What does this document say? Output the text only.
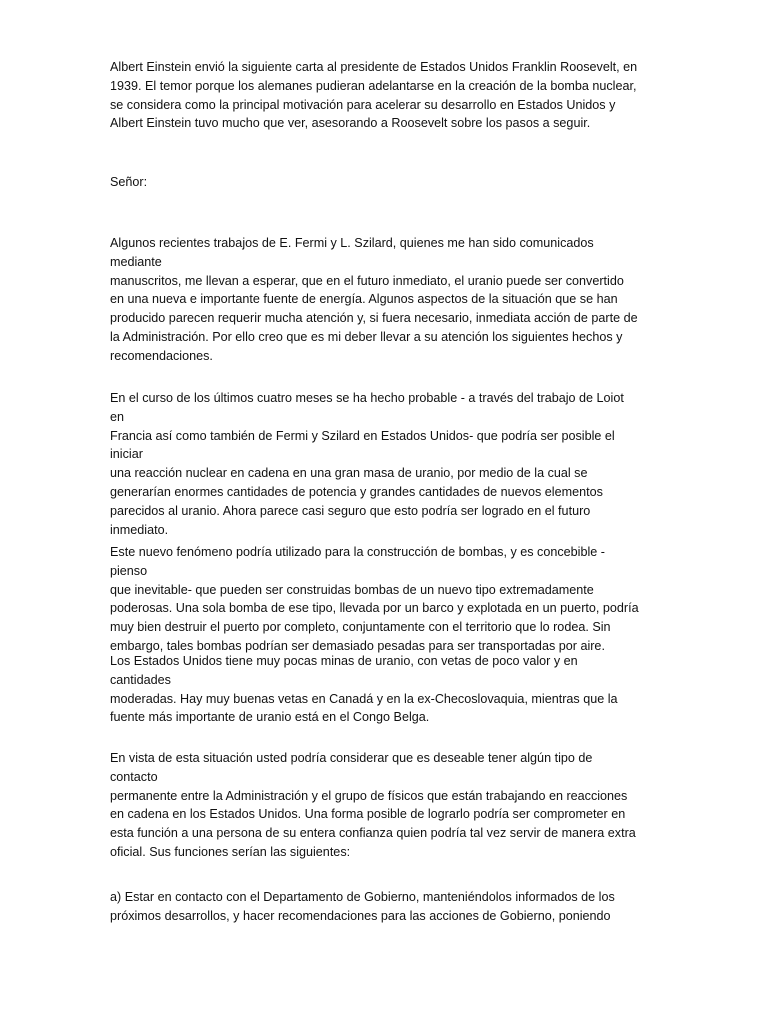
Albert Einstein envió la siguiente carta al presidente de Estados Unidos Franklin Roosevelt, en
1939. El temor porque los alemanes pudieran adelantarse en la creación de la bomba nuclear,
se considera como la principal motivación para acelerar su desarrollo en Estados Unidos y
Albert Einstein tuvo mucho que ver, asesorando a Roosevelt sobre los pasos a seguir.

Señor:

Algunos recientes trabajos de E. Fermi y L. Szilard, quienes me han sido comunicados mediante
manuscritos, me llevan a esperar, que en el futuro inmediato, el uranio puede ser convertido
en una nueva e importante fuente de energía. Algunos aspectos de la situación que se han
producido parecen requerir mucha atención y, si fuera necesario, inmediata acción de parte de
la Administración. Por ello creo que es mi deber llevar a su atención los siguientes hechos y
recomendaciones.

En el curso de los últimos cuatro meses se ha hecho probable - a través del trabajo de Loiot en
Francia así como también de Fermi y Szilard en Estados Unidos- que podría ser posible el iniciar
una reacción nuclear en cadena en una gran masa de uranio, por medio de la cual se
generarían enormes cantidades de potencia y grandes cantidades de nuevos elementos
parecidos al uranio. Ahora parece casi seguro que esto podría ser logrado en el futuro
inmediato.

Este nuevo fenómeno podría utilizado para la construcción de bombas, y es concebible - pienso
que inevitable- que pueden ser construidas bombas de un nuevo tipo extremadamente
poderosas. Una sola bomba de ese tipo, llevada por un barco y explotada en un puerto, podría
muy bien destruir el puerto por completo, conjuntamente con el territorio que lo rodea. Sin
embargo, tales bombas podrían ser demasiado pesadas para ser transportadas por aire.

Los Estados Unidos tiene muy pocas minas de uranio, con vetas de poco valor y en cantidades
moderadas. Hay muy buenas vetas en Canadá y en la ex-Checoslovaquia, mientras que la
fuente más importante de uranio está en el Congo Belga.

En vista de esta situación usted podría considerar que es deseable tener algún tipo de contacto
permanente entre la Administración y el grupo de físicos que están trabajando en reacciones
en cadena en los Estados Unidos. Una forma posible de lograrlo podría ser comprometer en
esta función a una persona de su entera confianza quien podría tal vez servir de manera extra
oficial. Sus funciones serían las siguientes:

a) Estar en contacto con el Departamento de Gobierno, manteniéndolos informados de los
próximos desarrollos, y hacer recomendaciones para las acciones de Gobierno, poniendo
